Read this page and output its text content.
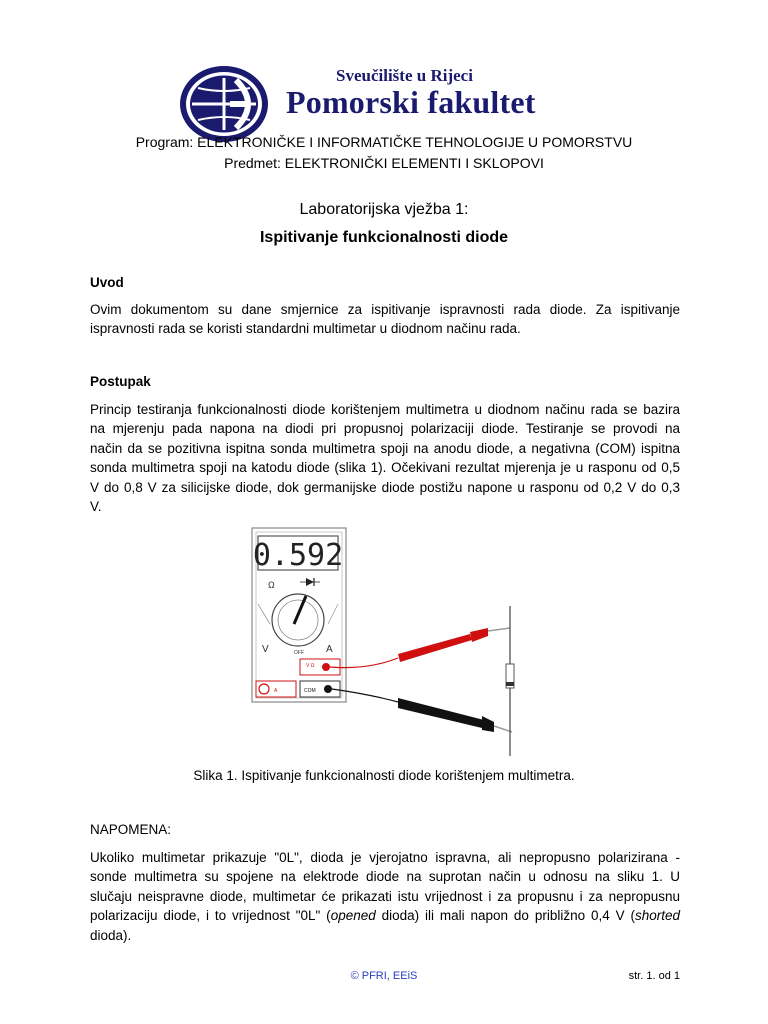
Sveučilište u Rijeci
Pomorski fakultet
Program: ELEKTRONIČKE I INFORMATIČKE TEHNOLOGIJE U POMORSTVU
Predmet: ELEKTRONIČKI ELEMENTI I SKLOPOVI
Laboratorijska vježba 1:
Ispitivanje funkcionalnosti diode
Uvod
Ovim dokumentom su dane smjernice za ispitivanje ispravnosti rada diode. Za ispitivanje
ispravnosti rada se koristi standardni multimetar u diodnom načinu rada.
Postupak
Princip testiranja funkcionalnosti diode korištenjem multimetra u diodnom načinu rada se bazira
na mjerenju pada napona na diodi pri propusnoj polarizaciji diode. Testiranje se provodi na
način da se pozitivna ispitna sonda multimetra spoji na anodu diode, a negativna (COM) ispitna
sonda multimetra spoji na katodu diode (slika 1). Očekivani rezultat mjerenja je u rasponu od 0,5
V do 0,8 V za silicijske diode, dok germanijske diode postižu napone u rasponu od 0,2 V do 0,3
V.
0.592
Ω
V	A
OFF
V Ω
COM
A
Slika 1. Ispitivanje funkcionalnosti diode korištenjem multimetra.
NAPOMENA:
Ukoliko multimetar prikazuje "0L", dioda je vjerojatno ispravna, ali nepropusno polarizirana -
sonde multimetra su spojene na elektrode diode na suprotan način u odnosu na sliku 1. U
slučaju neispravne diode, multimetar će prikazati istu vrijednost i za propusnu i za nepropusnu
polarizaciju diode, i to vrijednost "0L" (opened dioda) ili mali napon do približno 0,4 V (shorted
dioda).
© PFRI, EEiS	str. 1. od 1
